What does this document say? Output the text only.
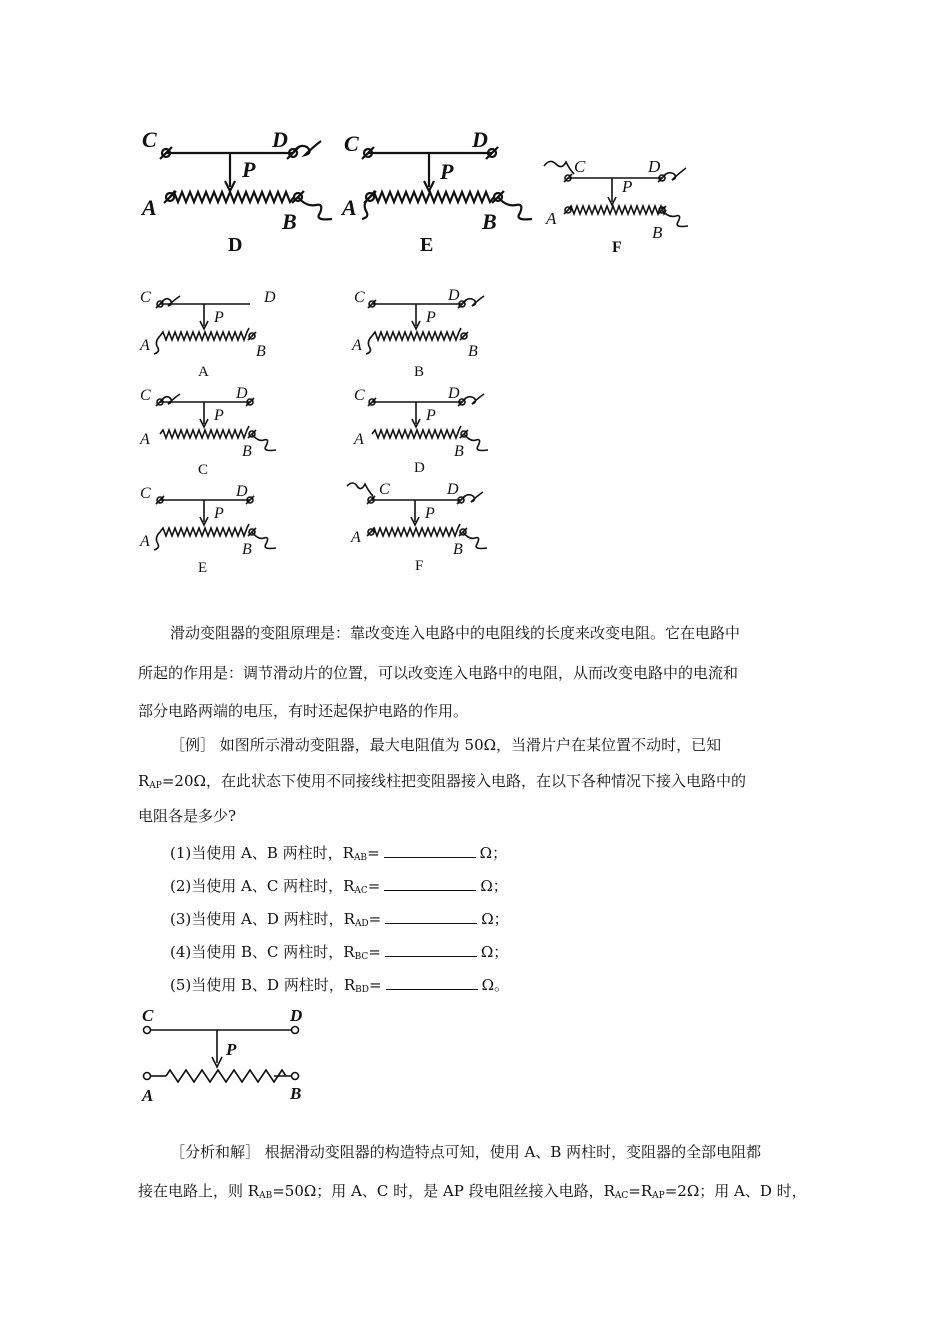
C	D
P
A
B
D
C	D
P
A
B
E
C	D
P
A
B
F
C	D
P
A	B
A
C	D
P
A	B
B
C	D
P
A
B
C
C	D
P
A
B
D
C	D
P
A	B
E
C	D
P
A
B
F
滑动变阻器的变阻原理是：靠改变连入电路中的电阻线的长度来改变电阻。它在电路中
所起的作用是：调节滑动片的位置，可以改变连入电路中的电阻，从而改变电路中的电流和
部分电路两端的电压，有时还起保护电路的作用。
［例］ 如图所示滑动变阻器，最大电阻值为 50Ω，当滑片户在某位置不动时，已知
$R_{AP}=20\Omega$，在此状态下使用不同接线柱把变阻器接入电路，在以下各种情况下接入电路中的
电阻各是多少?
(1)当使用 A、B 两柱时，$R_{AB}=$	Ω；
(2)当使用 A、C 两柱时，$R_{AC}=$	Ω；
(3)当使用 A、D 两柱时，$R_{AD}=$	Ω；
(4)当使用 B、C 两柱时，$R_{BC}=$	Ω；
(5)当使用 B、D 两柱时，$R_{BD}=$	Ω。
C	D
P
A	B
［分析和解］ 根据滑动变阻器的构造特点可知，使用 A、B 两柱时，变阻器的全部电阻都
接在电路上，则 $R_{AB}=50\Omega$；用 A、C 时，是 AP 段电阻丝接入电路，$R_{AC}=R_{AP}=2\Omega$；用 A、D 时，
